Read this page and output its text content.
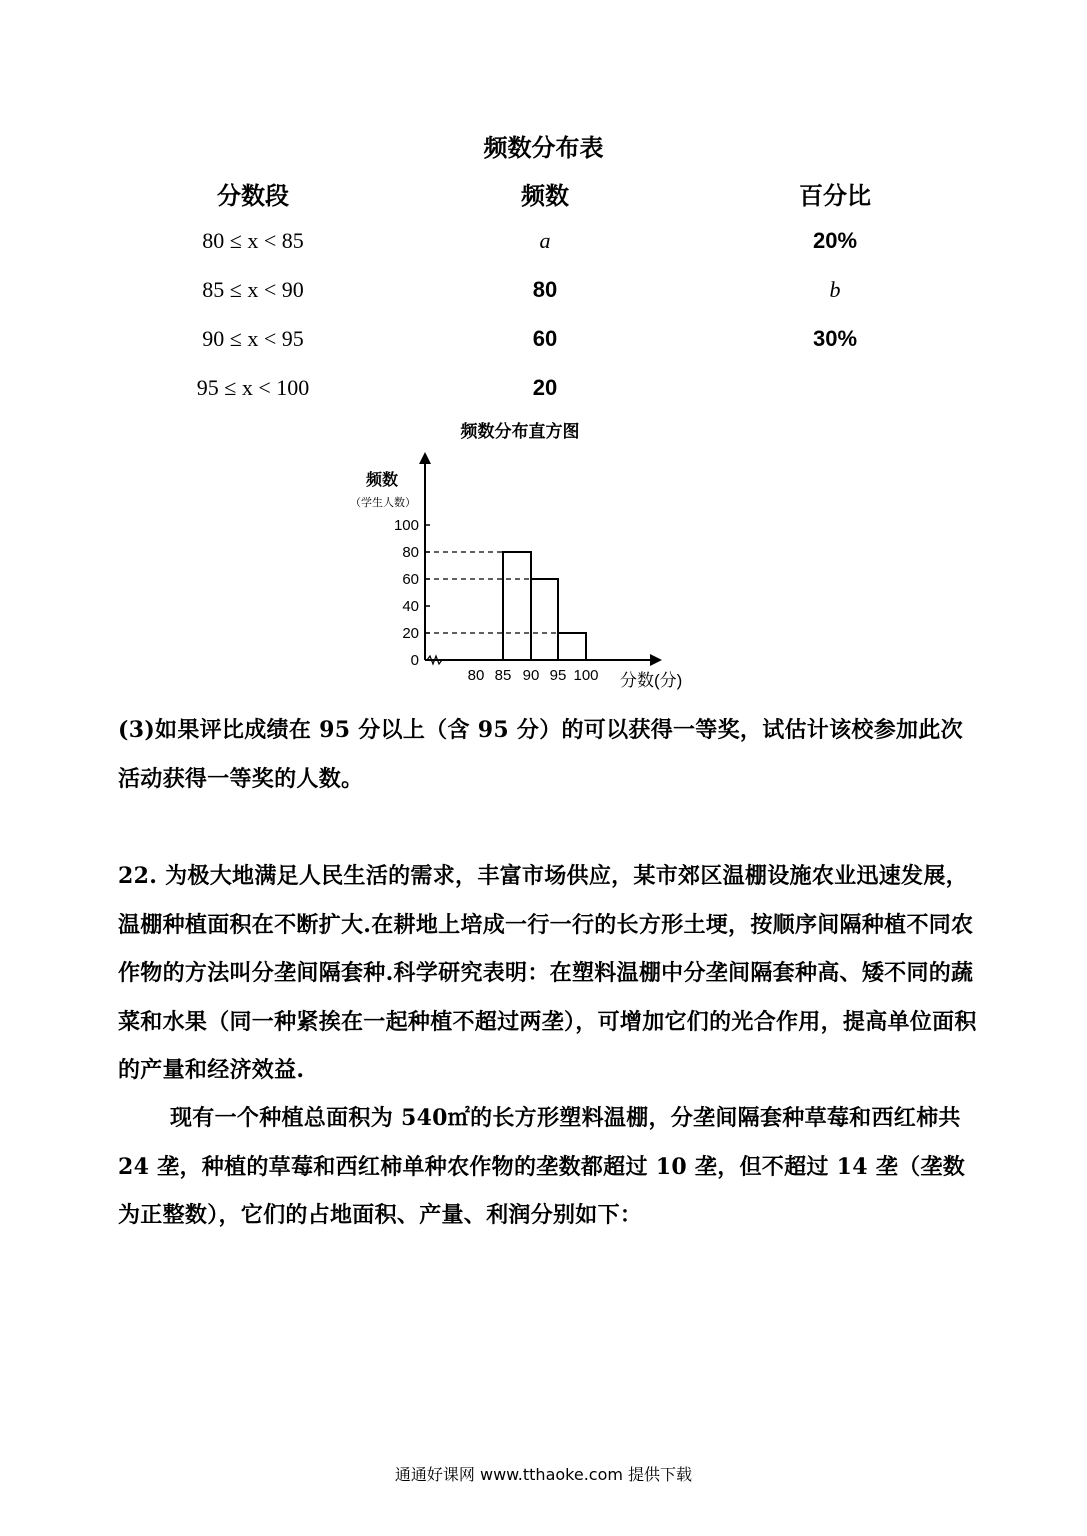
频数分布表
分数段	频数	百分比
80 ≤ x < 85	a	20%
85 ≤ x < 90	80	b
90 ≤ x < 95	60	30%
95 ≤ x < 100	20
频数分布直方图
0
20
40
60
80
100
80 85 90 95 100
频数
（学生人数）
分数(分)
(3)如果评比成绩在 95 分以上（含 95 分）的可以获得一等奖，试估计该校参加此次活动获得一等奖的人数。
22. 为极大地满足人民生活的需求，丰富市场供应，某市郊区温棚设施农业迅速发展，温棚种植面积在不断扩大.在耕地上培成一行一行的长方形土埂，按顺序间隔种植不同农作物的方法叫分垄间隔套种.科学研究表明：在塑料温棚中分垄间隔套种高、矮不同的蔬菜和水果（同一种紧挨在一起种植不超过两垄），可增加它们的光合作用，提高单位面积的产量和经济效益.
现有一个种植总面积为 540㎡的长方形塑料温棚，分垄间隔套种草莓和西红柿共 24 垄，种植的草莓和西红柿单种农作物的垄数都超过 10 垄，但不超过 14 垄（垄数为正整数），它们的占地面积、产量、利润分别如下：
通通好课网 www.tthaoke.com 提供下载
